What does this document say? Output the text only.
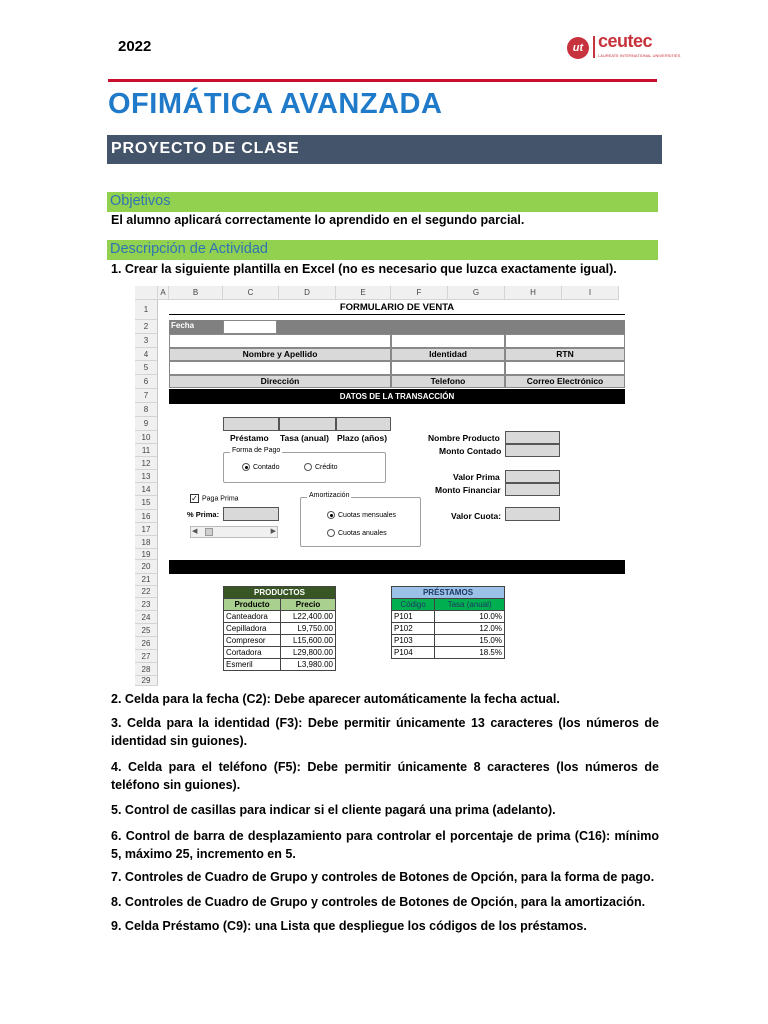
2022	ut ceutec
LAUREATE INTERNATIONAL UNIVERSITIES
OFIMÁTICA AVANZADA
PROYECTO DE CLASE
Objetivos
El alumno aplicará correctamente lo aprendido en el segundo parcial.
Descripción de Actividad
1. Crear la siguiente plantilla en Excel (no es necesario que luzca exactamente igual).
A	B	C	D	E	F	G	H	I
1
2
3
4
5
6
7
8
9
10
11
12
13
14
15
16
17
18
19
20
21
22
23
24
25
26
27
28
29
FORMULARIO DE VENTA
Fecha
Nombre y Apellido	Identidad	RTN
Dirección	Telefono	Correo Electrónico
DATOS DE LA TRANSACCIÓN
Préstamo Tasa (anual) Plazo (años)
Forma de Pago
Contado	Crédito
✓ Paga Prima
% Prima:
◀	▶
Amortización
Cuotas mensuales
Cuotas anuales
Nombre Producto
Monto Contado
Valor Prima
Monto Financiar
Valor Cuota:
PRODUCTOS	
Producto	Precio
Canteadora	L22,400.00
Cepilladora	L9,750.00
Compresor	L15,600.00
Cortadora	L29,800.00
Esmeril	L3,980.00
PRÉSTAMOS	
Código	Tasa (anual)
P101	10.0%
P102	12.0%
P103	15.0%
P104	18.5%
2. Celda para la fecha (C2): Debe aparecer automáticamente la fecha actual.
3. Celda para la identidad (F3): Debe permitir únicamente 13 caracteres (los números de identidad sin guiones).
4. Celda para el teléfono (F5): Debe permitir únicamente 8 caracteres (los números de teléfono sin guiones).
5. Control de casillas para indicar si el cliente pagará una prima (adelanto).
6. Control de barra de desplazamiento para controlar el porcentaje de prima (C16): mínimo 5, máximo 25, incremento en 5.
7. Controles de Cuadro de Grupo y controles de Botones de Opción, para la forma de pago.
8. Controles de Cuadro de Grupo y controles de Botones de Opción, para la amortización.
9. Celda Préstamo (C9): una Lista que despliegue los códigos de los préstamos.
